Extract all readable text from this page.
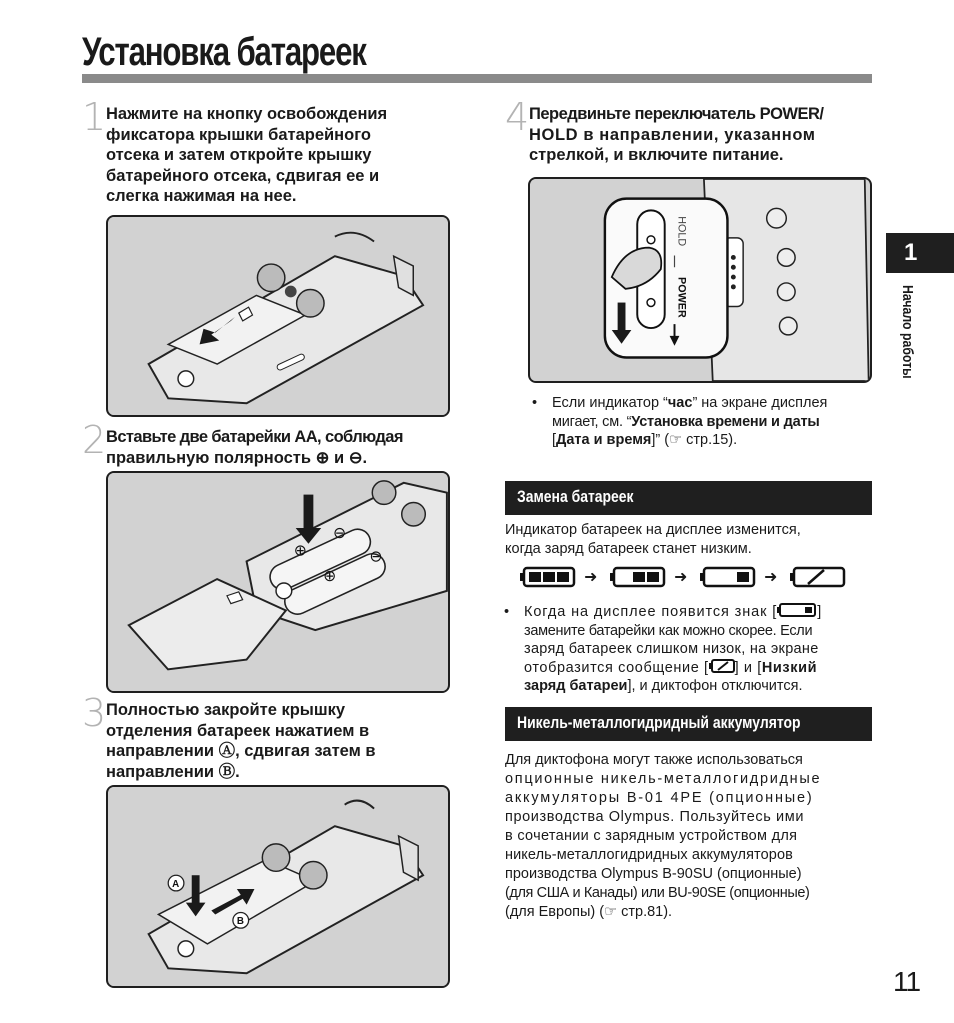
Установка батареек
1 Нажмите на кнопку освобождения
фиксатора крышки батарейного
отсека и затем откройте крышку
батарейного отсека, сдвигая ее и
слегка нажимая на нее.
2 Вставьте две батарейки AA, соблюдая
правильную полярность ⊕ и ⊖.
⊕
⊖
⊕
⊖
3 Полностью закройте крышку
отделения батареек нажатием в
направлении Ⓐ, сдвигая затем в
направлении Ⓑ.
A
B
4 Передвиньте переключатель POWER/
HOLD в направлении, указанном
стрелкой, и включите питание.
HOLD
POWER
• Если индикатор “час” на экране дисплея
мигает, см. “Установка времени и даты
[Дата и время]” (☞ стр.15).
Замена батареек
Индикатор батареек на дисплее изменится,
когда заряд батареек станет низким.
➜	➜	➜
• Когда на дисплее появится знак [	]
замените батарейки как можно скорее. Если
заряд батареек слишком низок, на экране
отобразится сообщение [ ] и [Низкий
заряд батареи], и диктофон отключится.
Никель-металлогидридный аккумулятор
Для диктофона могут также использоваться
опционные никель-металлогидридные
аккумуляторы B-01 4PE (опционные)
производства Olympus. Пользуйтесь ими
в сочетании с зарядным устройством для
никель-металлогидридных аккумуляторов
производства Olympus B-90SU (опционные)
(для США и Канады) или BU-90SE (опционные)
(для Европы) (☞ стр.81).
1
Начало работы
11
